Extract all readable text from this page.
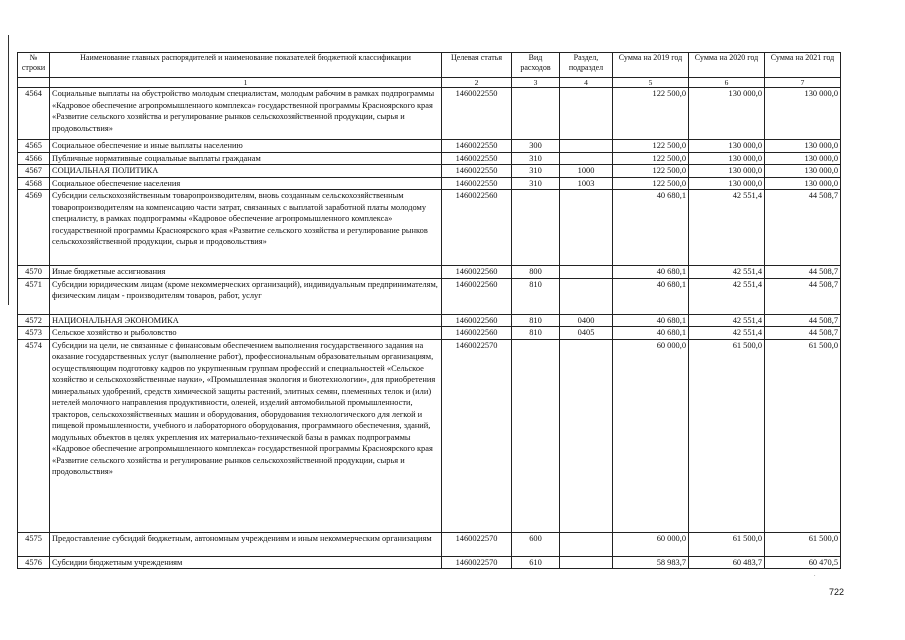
№ строки	Наименование главных распорядителей и наименование показателей бюджетной классификации	Целевая статья	Вид расходов	Раздел, подраздел	Сумма на 2019 год	Сумма на 2020 год	Сумма на 2021 год
	1	2	3	4	5	6	7
4564	Социальные выплаты на обустройство молодым специалистам, молодым рабочим в рамках подпрограммы «Кадровое обеспечение агропромышленного комплекса» государственной программы Красноярского края «Развитие сельского хозяйства и регулирование рынков сельскохозяйственной продукции, сырья и продовольствия»	1460022550			122 500,0	130 000,0	130 000,0
4565	Социальное обеспечение и иные выплаты населению	1460022550	300		122 500,0	130 000,0	130 000,0
4566	Публичные нормативные социальные выплаты гражданам	1460022550	310		122 500,0	130 000,0	130 000,0
4567	СОЦИАЛЬНАЯ ПОЛИТИКА	1460022550	310	1000	122 500,0	130 000,0	130 000,0
4568	Социальное обеспечение населения	1460022550	310	1003	122 500,0	130 000,0	130 000,0
4569	Субсидии сельскохозяйственным товаропроизводителям, вновь созданным сельскохозяйственным товаропроизводителям на компенсацию части затрат, связанных с выплатой заработной платы молодому специалисту, в рамках подпрограммы «Кадровое обеспечение агропромышленного комплекса» государственной программы Красноярского края «Развитие сельского хозяйства и регулирование рынков сельскохозяйственной продукции, сырья и продовольствия»	1460022560			40 680,1	42 551,4	44 508,7
4570	Иные бюджетные ассигнования	1460022560	800		40 680,1	42 551,4	44 508,7
4571	Субсидии юридическим лицам (кроме некоммерческих организаций), индивидуальным предпринимателям, физическим лицам - производителям товаров, работ, услуг	1460022560	810		40 680,1	42 551,4	44 508,7
4572	НАЦИОНАЛЬНАЯ ЭКОНОМИКА	1460022560	810	0400	40 680,1	42 551,4	44 508,7
4573	Сельское хозяйство и рыболовство	1460022560	810	0405	40 680,1	42 551,4	44 508,7
4574	Субсидии на цели, не связанные с финансовым обеспечением выполнения государственного задания на оказание государственных услуг (выполнение работ), профессиональным образовательным организациям, осуществляющим подготовку кадров по укрупненным группам профессий и специальностей «Сельское хозяйство и сельскохозяйственные науки», «Промышленная экология и биотехнологии», для приобретения минеральных удобрений, средств химической защиты растений, элитных семян, племенных телок и (или) нетелей молочного направления продуктивности, оленей, изделий автомобильной промышленности, тракторов, сельскохозяйственных машин и оборудования, оборудования технологического для легкой и пищевой промышленности, учебного и лабораторного оборудования, программного обеспечения, зданий, модульных объектов в целях укрепления их материально-технической базы в рамках подпрограммы «Кадровое обеспечение агропромышленного комплекса» государственной программы Красноярского края «Развитие сельского хозяйства и регулирование рынков сельскохозяйственной продукции, сырья и продовольствия»	1460022570			60 000,0	61 500,0	61 500,0
4575	Предоставление субсидий бюджетным, автономным учреждениям и иным некоммерческим организациям	1460022570	600		60 000,0	61 500,0	61 500,0
4576	Субсидии бюджетным учреждениям	1460022570	610		58 983,7	60 483,7	60 470,5
.
722
